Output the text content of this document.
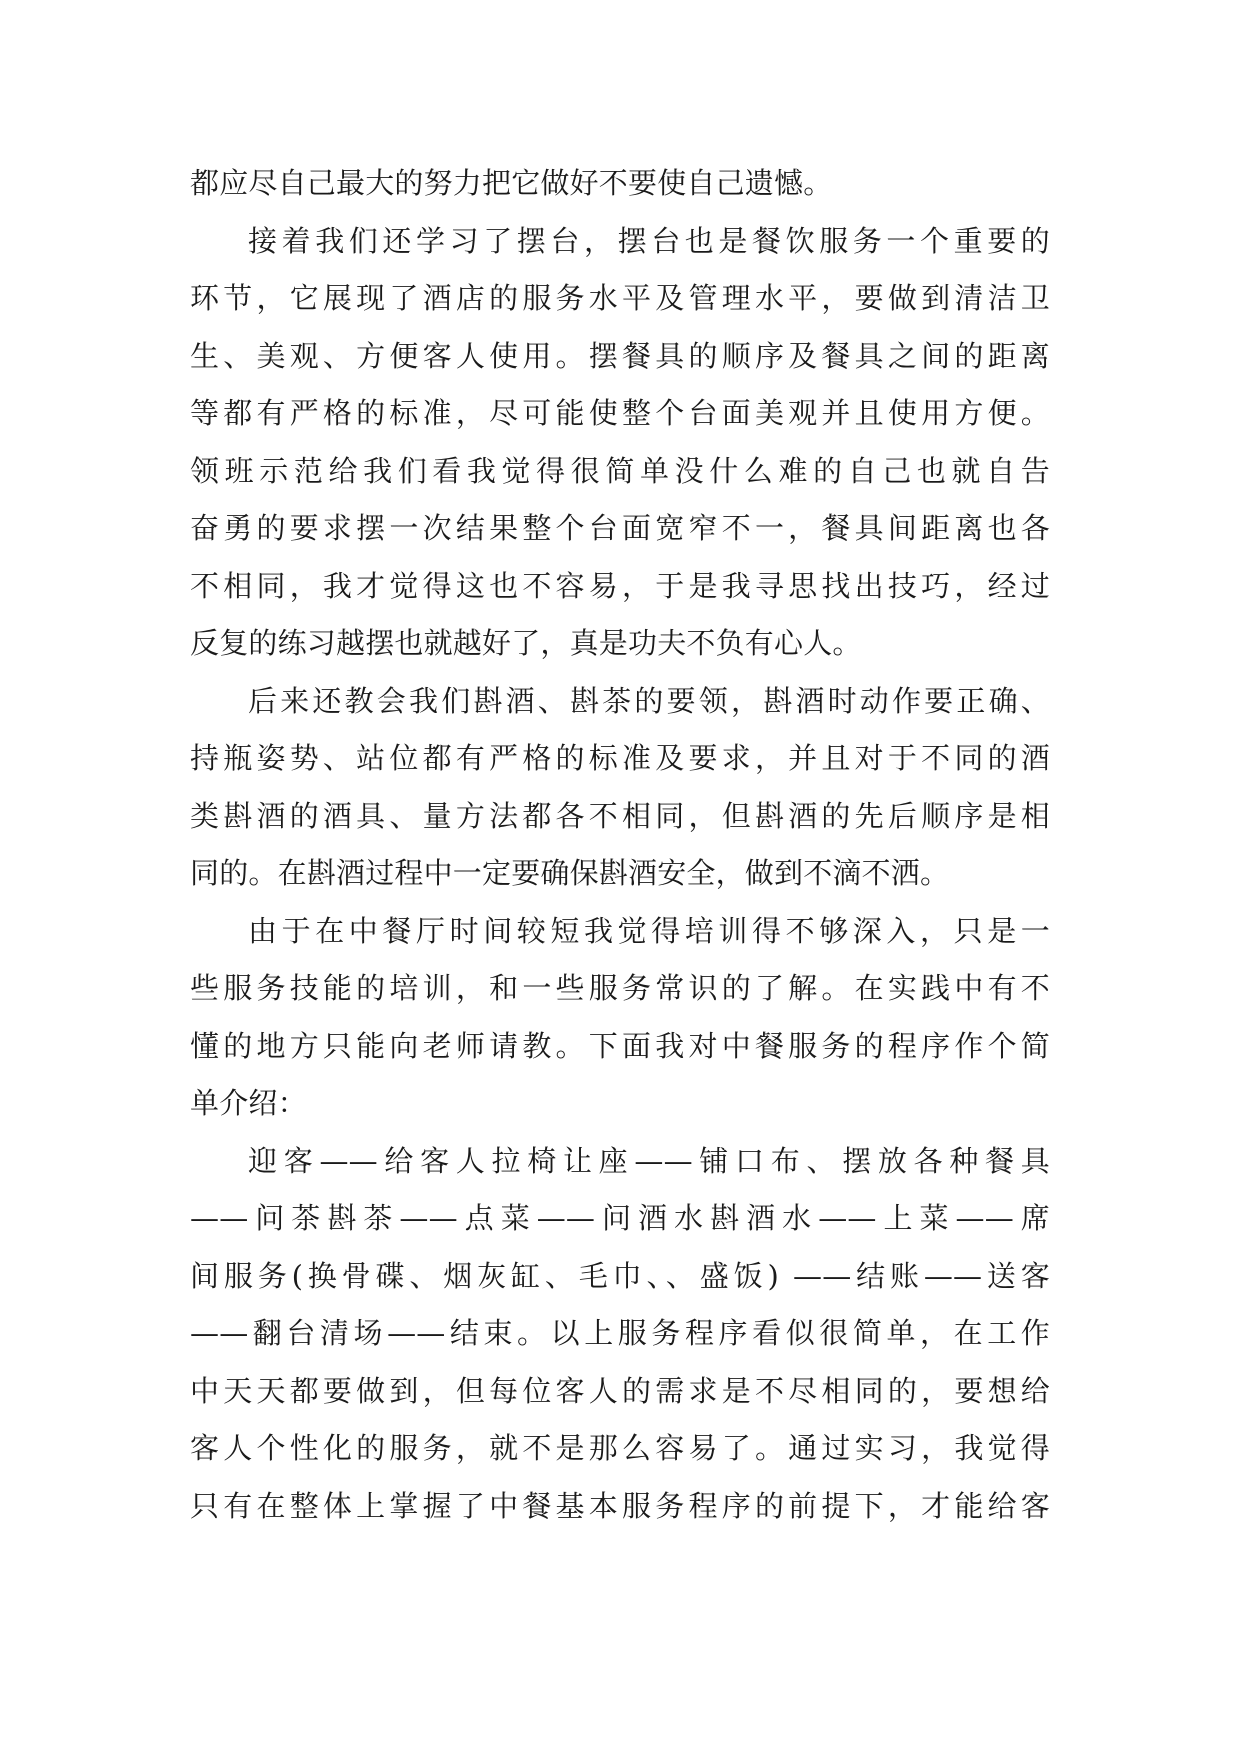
都应尽自己最大的努力把它做好不要使自己遗憾。
接着我们还学习了摆台，摆台也是餐饮服务一个重要的
环节，它展现了酒店的服务水平及管理水平，要做到清洁卫
生、美观、方便客人使用。摆餐具的顺序及餐具之间的距离
等都有严格的标准，尽可能使整个台面美观并且使用方便。
领班示范给我们看我觉得很简单没什么难的自己也就自告
奋勇的要求摆一次结果整个台面宽窄不一，餐具间距离也各
不相同，我才觉得这也不容易，于是我寻思找出技巧，经过
反复的练习越摆也就越好了，真是功夫不负有心人。
后来还教会我们斟酒、斟茶的要领，斟酒时动作要正确、
持瓶姿势、站位都有严格的标准及要求，并且对于不同的酒
类斟酒的酒具、量方法都各不相同，但斟酒的先后顺序是相
同的。在斟酒过程中一定要确保斟酒安全，做到不滴不洒。
由于在中餐厅时间较短我觉得培训得不够深入，只是一
些服务技能的培训，和一些服务常识的了解。在实践中有不
懂的地方只能向老师请教。下面我对中餐服务的程序作个简
单介绍：
迎客——给客人拉椅让座——铺口布、摆放各种餐具
——问茶斟茶——点菜——问酒水斟酒水——上菜——席
间服务(换骨碟、烟灰缸、毛巾、、盛饭) ——结账——送客
——翻台清场——结束。以上服务程序看似很简单，在工作
中天天都要做到，但每位客人的需求是不尽相同的，要想给
客人个性化的服务，就不是那么容易了。通过实习，我觉得
只有在整体上掌握了中餐基本服务程序的前提下，才能给客
